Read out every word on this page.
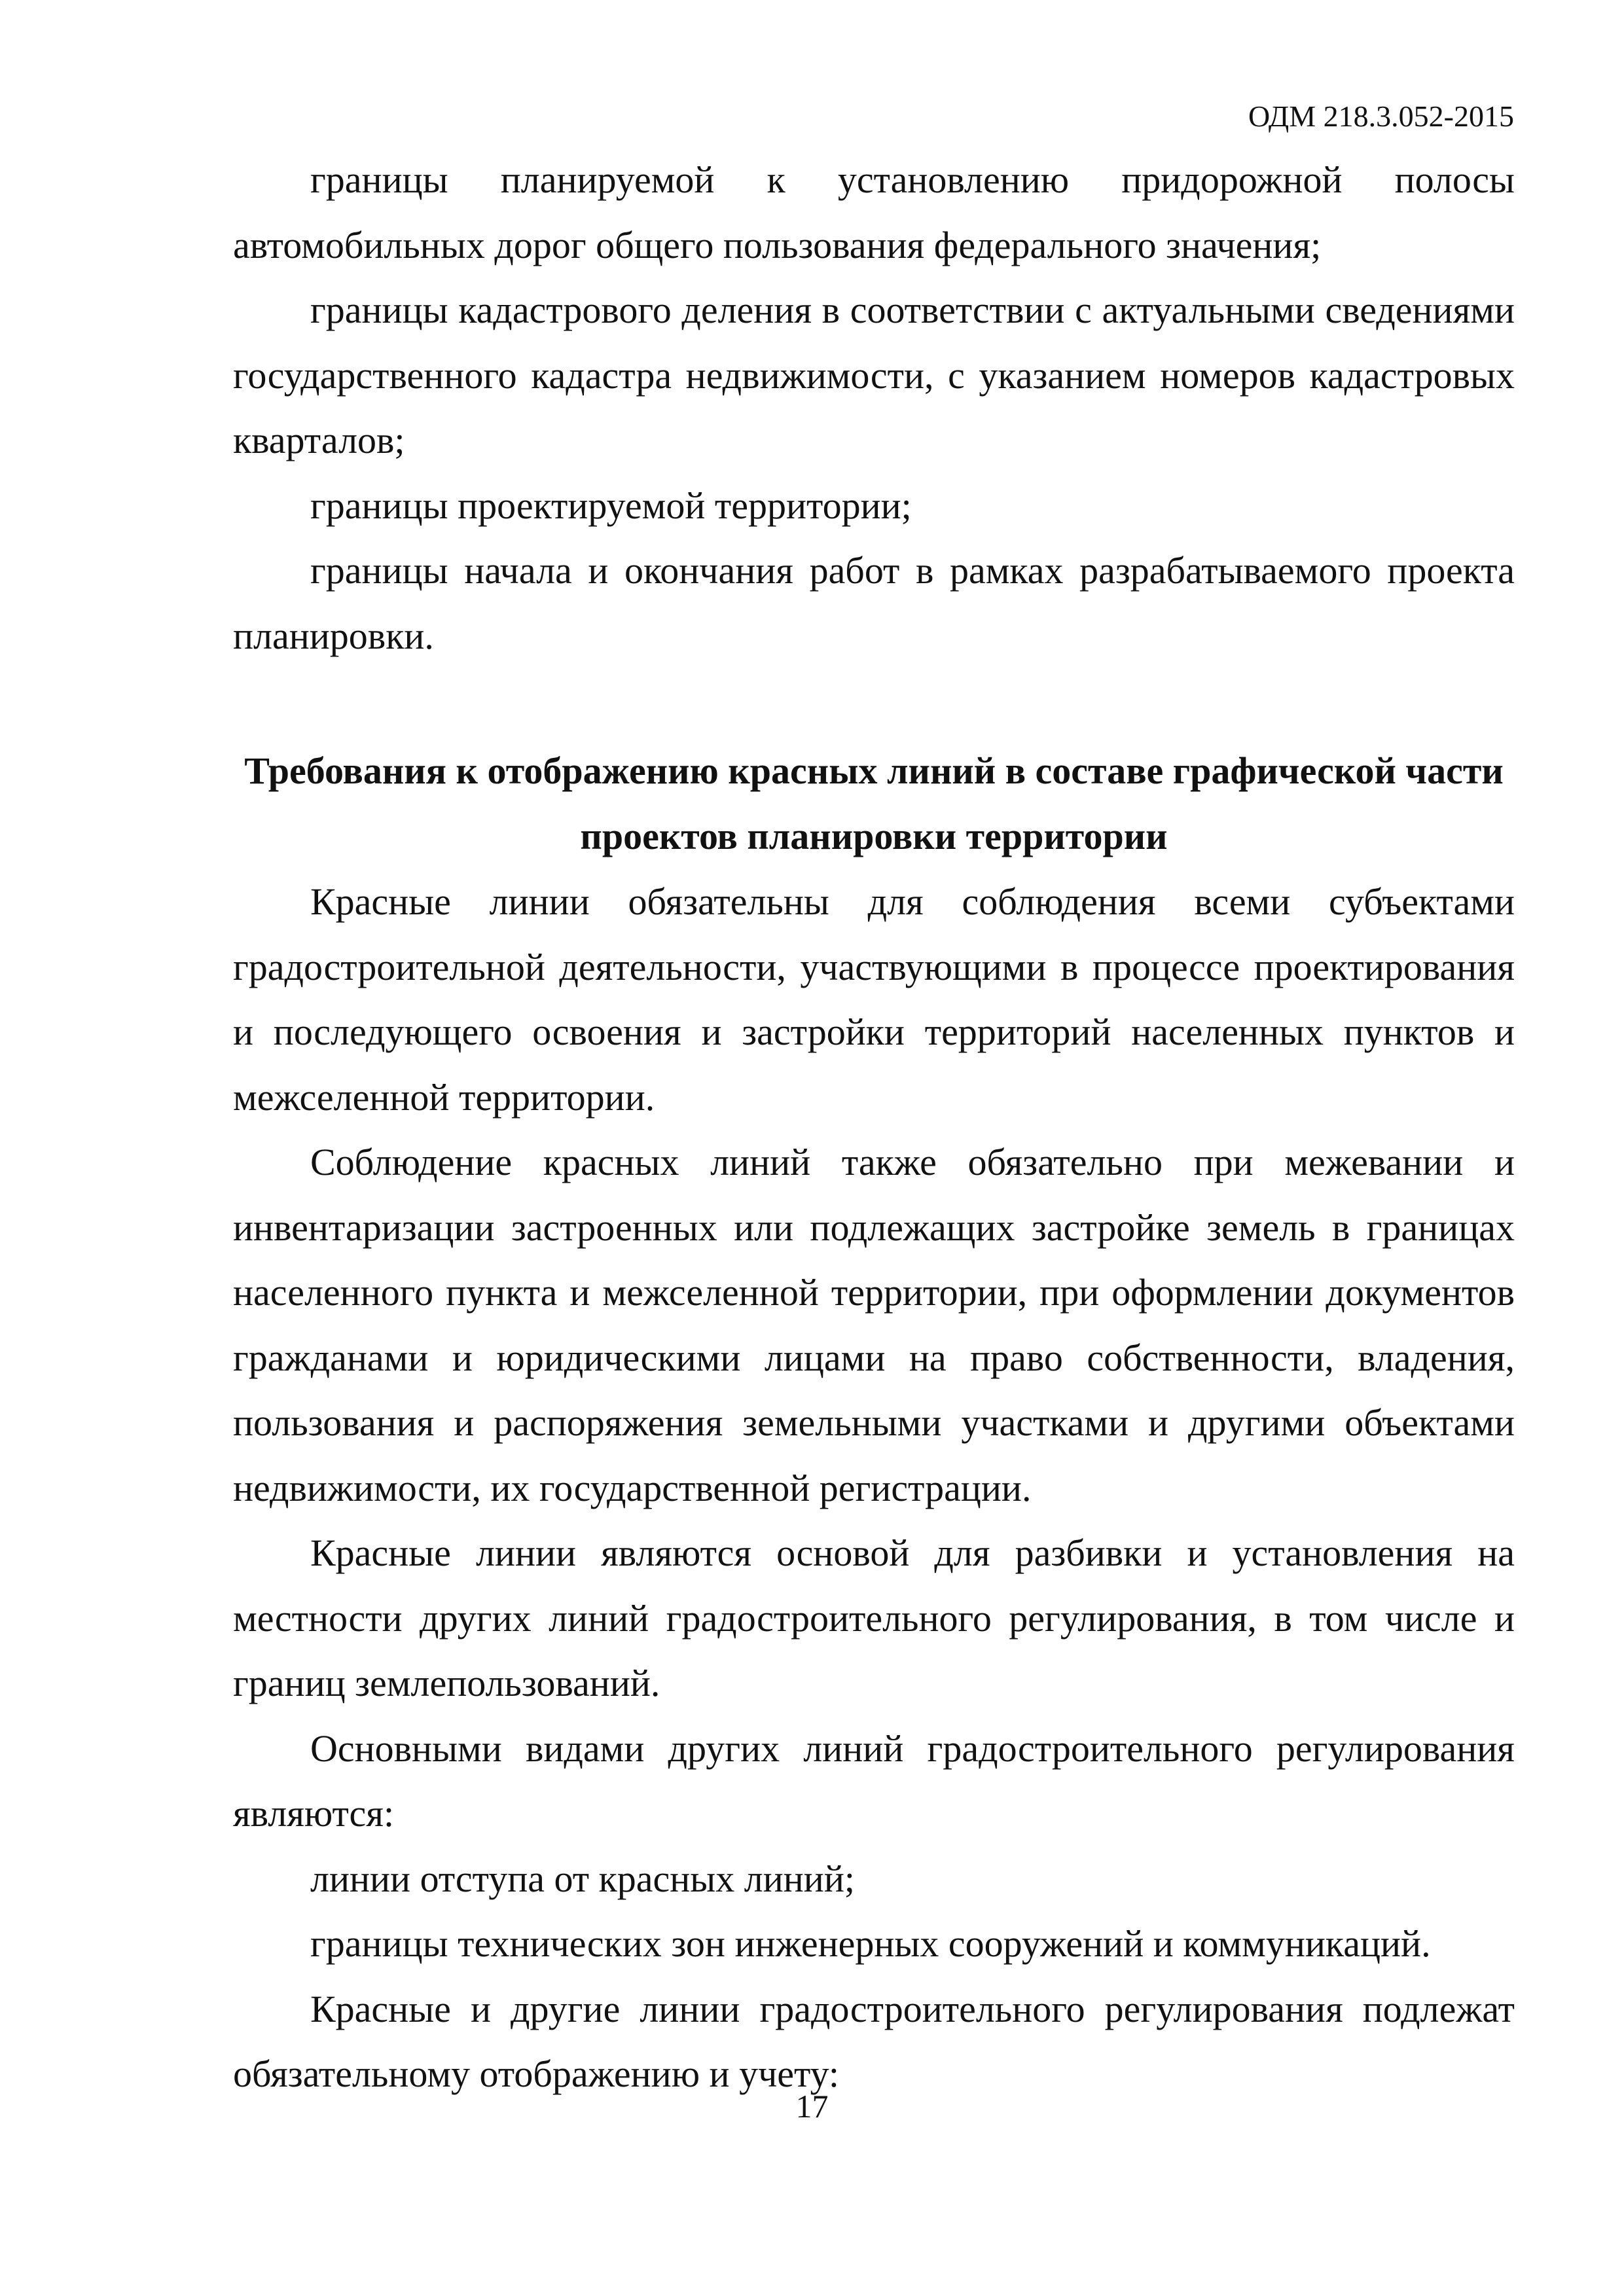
ОДМ 218.3.052-2015

границы планируемой к установлению придорожной полосы автомобильных дорог общего пользования федерального значения;

границы кадастрового деления в соответствии с актуальными сведениями государственного кадастра недвижимости, с указанием номеров кадастровых кварталов;

границы проектируемой территории;

границы начала и окончания работ в рамках разрабатываемого проекта планировки.

Требования к отображению красных линий в составе графической части проектов планировки территории

Красные линии обязательны для соблюдения всеми субъектами градостроительной деятельности, участвующими в процессе проектирования и последующего освоения и застройки территорий населенных пунктов и межселенной территории.

Соблюдение красных линий также обязательно при межевании и инвентаризации застроенных или подлежащих застройке земель в границах населенного пункта и межселенной территории, при оформлении документов гражданами и юридическими лицами на право собственности, владения, пользования и распоряжения земельными участками и другими объектами недвижимости, их государственной регистрации.

Красные линии являются основой для разбивки и установления на местности других линий градостроительного регулирования, в том числе и границ землепользований.

Основными видами других линий градостроительного регулирования являются:

линии отступа от красных линий;

границы технических зон инженерных сооружений и коммуникаций.

Красные и другие линии градостроительного регулирования подлежат обязательному отображению и учету:

17
